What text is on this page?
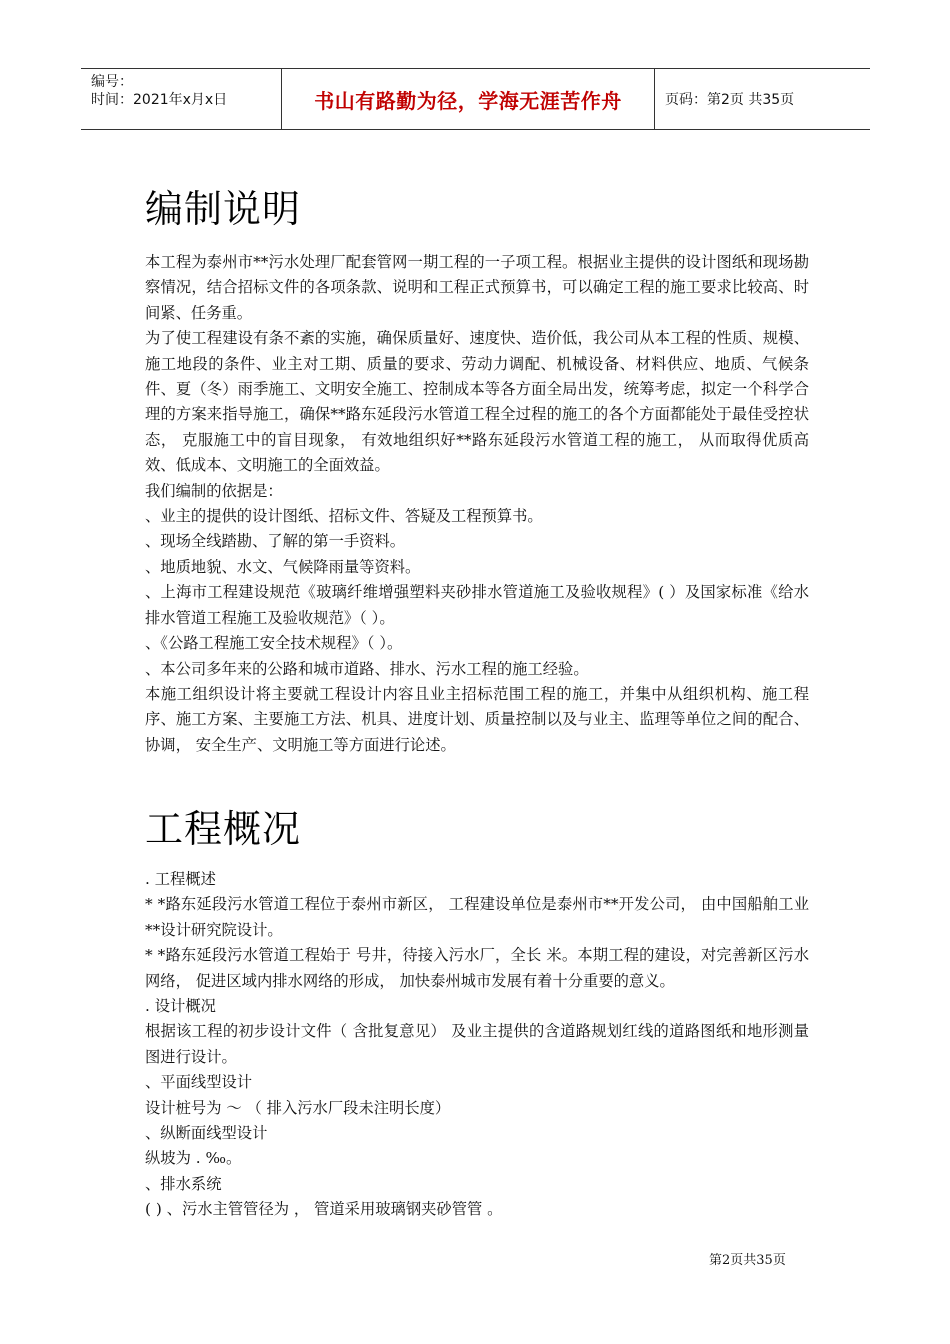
编号：
时间：2021年x月x日	书山有路勤为径，学海无涯苦作舟	页码：第2页 共35页
编制说明

本工程为泰州市**污水处理厂配套管网一期工程的一子项工程。根据业主提供的设计图纸和现场勘察情况，结合招标文件的各项条款、说明和工程正式预算书，可以确定工程的施工要求比较高、时间紧、任务重。

为了使工程建设有条不紊的实施，确保质量好、速度快、造价低，我公司从本工程的性质、规模、施工地段的条件、业主对工期、质量的要求、劳动力调配、机械设备、材料供应、地质、气候条件、夏（冬）雨季施工、文明安全施工、控制成本等各方面全局出发，统筹考虑，拟定一个科学合理的方案来指导施工，确保**路东延段污水管道工程全过程的施工的各个方面都能处于最佳受控状态， 克服施工中的盲目现象， 有效地组织好**路东延段污水管道工程的施工， 从而取得优质高效、低成本、文明施工的全面效益。

我们编制的依据是：

、业主的提供的设计图纸、招标文件、答疑及工程预算书。

、现场全线踏勘、了解的第一手资料。

、地质地貌、水文、气候降雨量等资料。

、上海市工程建设规范《玻璃纤维增强塑料夹砂排水管道施工及验收规程》( ）及国家标准《给水排水管道工程施工及验收规范》（ ）。

、《公路工程施工安全技术规程》（ ）。

、本公司多年来的公路和城市道路、排水、污水工程的施工经验。

本施工组织设计将主要就工程设计内容且业主招标范围工程的施工，并集中从组织机构、施工程序、施工方案、主要施工方法、机具、进度计划、质量控制以及与业主、监理等单位之间的配合、协调， 安全生产、文明施工等方面进行论述。

工程概况

. 工程概述

* *路东延段污水管道工程位于泰州市新区， 工程建设单位是泰州市**开发公司， 由中国船舶工业**设计研究院设计。

* *路东延段污水管道工程始于 号井，待接入污水厂，全长 米。本期工程的建设，对完善新区污水网络， 促进区域内排水网络的形成， 加快泰州城市发展有着十分重要的意义。

. 设计概况

根据该工程的初步设计文件（ 含批复意见） 及业主提供的含道路规划红线的道路图纸和地形测量图进行设计。

、平面线型设计

设计桩号为 ～ （ 排入污水厂段未注明长度）

、纵断面线型设计

纵坡为 . ‰。

、排水系统

( ) 、污水主管管径为 ， 管道采用玻璃钢夹砂管管 。

第2页共35页
